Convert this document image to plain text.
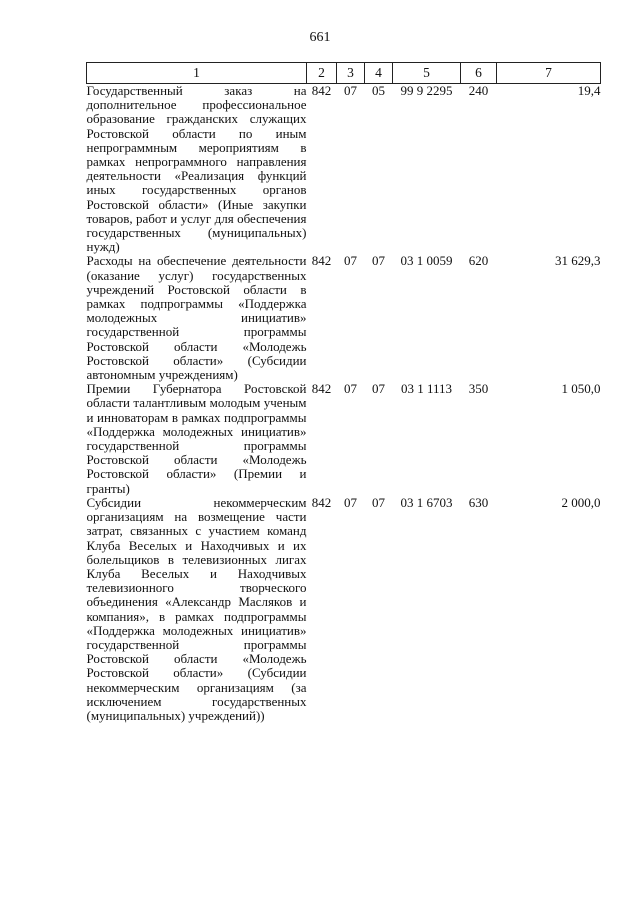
661
1	2	3	4	5	6	7
Государственный заказ на дополнительное профессиональное образование гражданских служащих Ростовской области по иным непрограммным мероприятиям в рамках непрограммного направления деятельности «Реализация функций иных государственных органов Ростовской области» (Иные закупки товаров, работ и услуг для обеспечения государственных (муниципальных) нужд)	842	07	05	99 9 2295	240	19,4
Расходы на обеспечение деятельности (оказание услуг) государственных учреждений Ростовской области в рамках подпрограммы «Поддержка молодежных инициатив» государственной программы Ростовской области «Молодежь Ростовской области» (Субсидии автономным учреждениям)	842	07	07	03 1 0059	620	31 629,3
Премии Губернатора Ростовской области талантливым молодым ученым и инноваторам в рамках подпрограммы «Поддержка молодежных инициатив» государственной программы Ростовской области «Молодежь Ростовской области» (Премии и гранты)	842	07	07	03 1 1113	350	1 050,0
Субсидии некоммерческим организациям на возмещение части затрат, связанных с участием команд Клуба Веселых и Находчивых и их болельщиков в телевизионных лигах Клуба Веселых и Находчивых телевизионного творческого объединения «Александр Масляков и компания», в рамках подпрограммы «Поддержка молодежных инициатив» государственной программы Ростовской области «Молодежь Ростовской области» (Субсидии некоммерческим организациям (за исключением государственных (муниципальных) учреждений))	842	07	07	03 1 6703	630	2 000,0
